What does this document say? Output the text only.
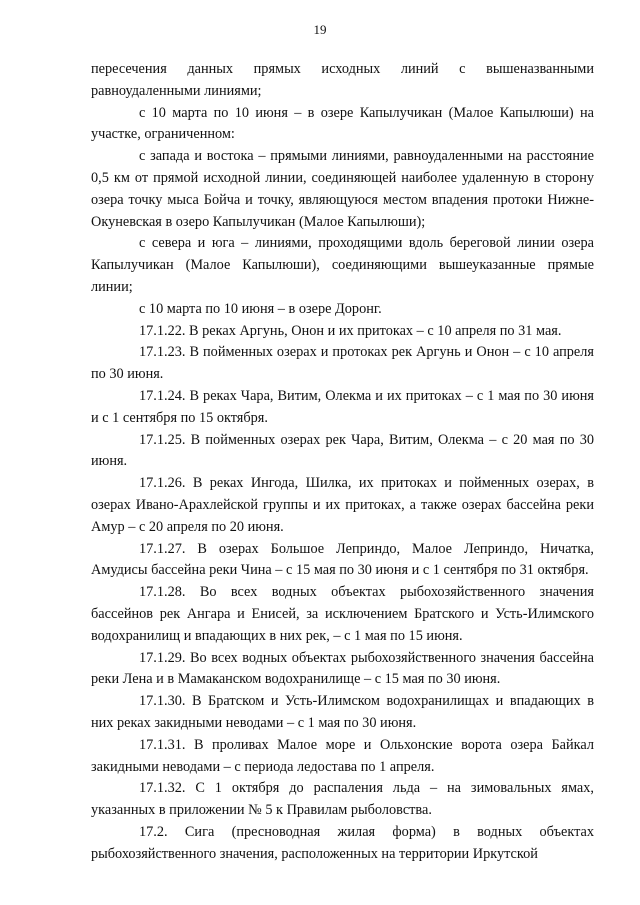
19

пересечения данных прямых исходных линий с вышеназванными равноудаленными линиями;

с 10 марта по 10 июня – в озере Капылучикан (Малое Капылюши) на участке, ограниченном:

с запада и востока – прямыми линиями, равноудаленными на расстояние 0,5 км от прямой исходной линии, соединяющей наиболее удаленную в сторону озера точку мыса Бойча и точку, являющуюся местом впадения протоки Нижне-Окуневская в озеро Капылучикан (Малое Капылюши);

с севера и юга – линиями, проходящими вдоль береговой линии озера Капылучикан (Малое Капылюши), соединяющими вышеуказанные прямые линии;

с 10 марта по 10 июня – в озере Доронг.

17.1.22. В реках Аргунь, Онон и их притоках – с 10 апреля по 31 мая.

17.1.23. В пойменных озерах и протоках рек Аргунь и Онон – с 10 апреля по 30 июня.

17.1.24. В реках Чара, Витим, Олекма и их притоках – с 1 мая по 30 июня и с 1 сентября по 15 октября.

17.1.25. В пойменных озерах рек Чара, Витим, Олекма – с 20 мая по 30 июня.

17.1.26. В реках Ингода, Шилка, их притоках и пойменных озерах, в озерах Ивано-Арахлейской группы и их притоках, а также озерах бассейна реки Амур – с 20 апреля по 20 июня.

17.1.27. В озерах Большое Леприндо, Малое Леприндо, Ничатка, Амудисы бассейна реки Чина – с 15 мая по 30 июня и с 1 сентября по 31 октября.

17.1.28. Во всех водных объектах рыбохозяйственного значения бассейнов рек Ангара и Енисей, за исключением Братского и Усть-Илимского водохранилищ и впадающих в них рек, – с 1 мая по 15 июня.

17.1.29. Во всех водных объектах рыбохозяйственного значения бассейна реки Лена и в Мамаканском водохранилище – с 15 мая по 30 июня.

17.1.30. В Братском и Усть-Илимском водохранилищах и впадающих в них реках закидными неводами – с 1 мая по 30 июня.

17.1.31. В проливах Малое море и Ольхонские ворота озера Байкал закидными неводами – с периода ледостава по 1 апреля.

17.1.32. С 1 октября до распаления льда – на зимовальных ямах, указанных в приложении № 5 к Правилам рыболовства.

17.2. Сига (пресноводная жилая форма) в водных объектах рыбохозяйственного значения, расположенных на территории Иркутской
